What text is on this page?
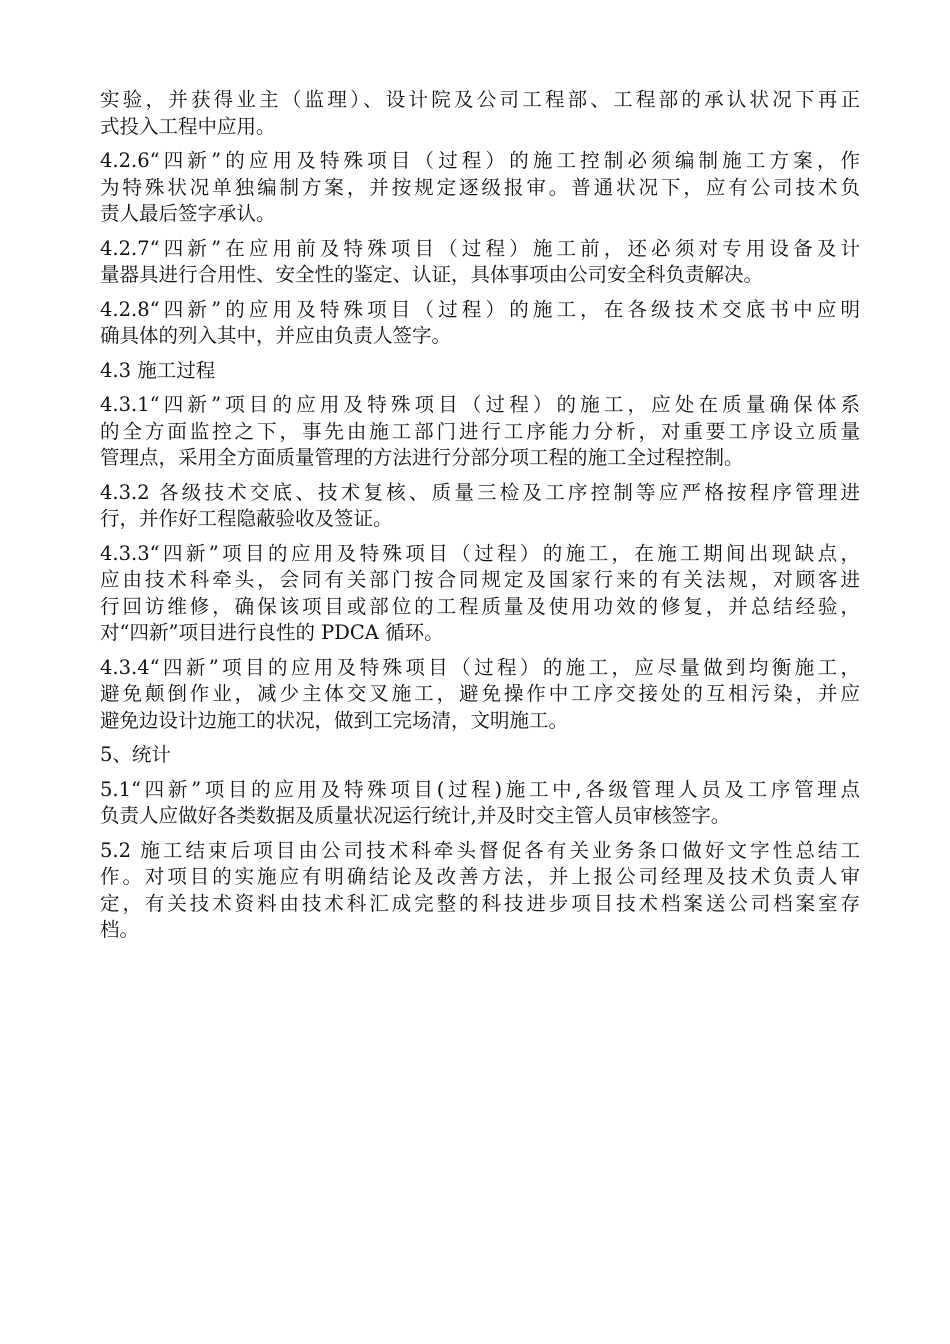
实验，并获得业主（监理）、设计院及公司工程部、工程部的承认状况下再正
式投入工程中应用。
4.2.6“四新”的应用及特殊项目（过程）的施工控制必须编制施工方案，作
为特殊状况单独编制方案，并按规定逐级报审。普通状况下，应有公司技术负
责人最后签字承认。
4.2.7“四新”在应用前及特殊项目（过程）施工前，还必须对专用设备及计
量器具进行合用性、安全性的鉴定、认证，具体事项由公司安全科负责解决。
4.2.8“四新”的应用及特殊项目（过程）的施工，在各级技术交底书中应明
确具体的列入其中，并应由负责人签字。
4.3 施工过程
4.3.1“四新”项目的应用及特殊项目（过程）的施工，应处在质量确保体系
的全方面监控之下，事先由施工部门进行工序能力分析，对重要工序设立质量
管理点，采用全方面质量管理的方法进行分部分项工程的施工全过程控制。
4.3.2 各级技术交底、技术复核、质量三检及工序控制等应严格按程序管理进
行，并作好工程隐蔽验收及签证。
4.3.3“四新”项目的应用及特殊项目（过程）的施工，在施工期间出现缺点，
应由技术科牵头，会同有关部门按合同规定及国家行来的有关法规，对顾客进
行回访维修，确保该项目或部位的工程质量及使用功效的修复，并总结经验，
对“四新”项目进行良性的 PDCA 循环。
4.3.4“四新”项目的应用及特殊项目（过程）的施工，应尽量做到均衡施工，
避免颠倒作业，减少主体交叉施工，避免操作中工序交接处的互相污染，并应
避免边设计边施工的状况，做到工完场清，文明施工。
5、统计
5.1“四新”项目的应用及特殊项目(过程)施工中,各级管理人员及工序管理点
负责人应做好各类数据及质量状况运行统计,并及时交主管人员审核签字。
5.2 施工结束后项目由公司技术科牵头督促各有关业务条口做好文字性总结工
作。对项目的实施应有明确结论及改善方法，并上报公司经理及技术负责人审
定，有关技术资料由技术科汇成完整的科技进步项目技术档案送公司档案室存
档。
